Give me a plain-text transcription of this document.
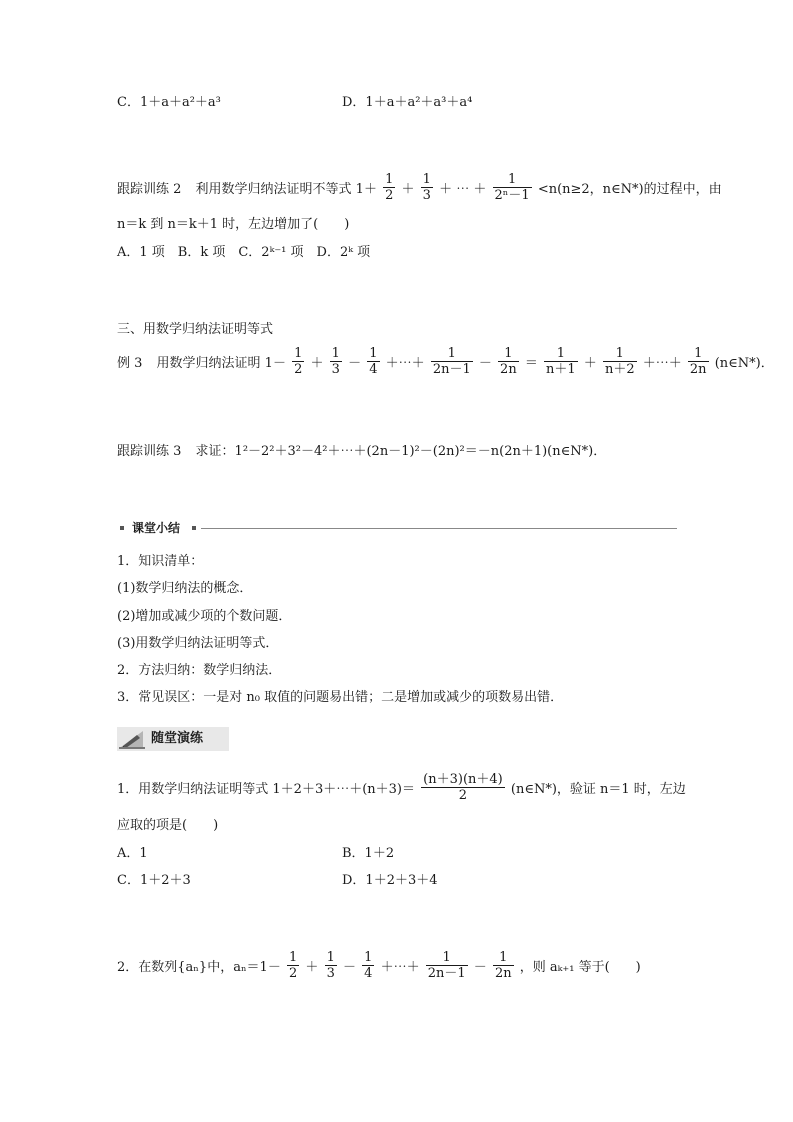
C．1＋a＋a²＋a³	D．1＋a＋a²＋a³＋a⁴
跟踪训练 2 利用数学归纳法证明不等式 $1+ \frac{1}{2} + \frac{1}{3}$ ＋ ⋯ ＋ $\frac{1}{\text{2ⁿ－1}} <n(n\ge 2$，n∈N*)的过程中，由
n＝k 到 n＝k＋1 时，左边增加了(　　)
A．1 项　B．k 项　C．2ᵏ⁻¹ 项　D．2ᵏ 项
三、用数学归纳法证明等式
例 3 用数学归纳法证明 $1- \frac{1}{2} + \frac{1}{3} - \frac{1}{4}$ ＋⋯＋ $\frac{1}{2n-1} - \frac{1}{2n} = \frac{1}{n+1} + \frac{1}{n+2}$ ＋⋯＋ $\frac{1}{2n}$ (n∈N*)．
跟踪训练 3 求证：1²－2²＋3²－4²＋⋯＋(2n－1)²－(2n)²＝－n(2n＋1)(n∈N*)．
课堂小结
1．知识清单：
(1)数学归纳法的概念．
(2)增加或减少项的个数问题．
(3)用数学归纳法证明等式．
2．方法归纳：数学归纳法．
3．常见误区：一是对 n₀ 取值的问题易出错；二是增加或减少的项数易出错．
随堂演练
1．用数学归纳法证明等式 1＋2＋3＋⋯＋(n＋3)＝ $\frac{(n+3)(n+4)}{2}$ (n∈N*)，验证 n＝1 时，左边
应取的项是(　　)
A．1	B．1＋2
C．1＋2＋3	D．1＋2＋3＋4
2．在数列{aₙ}中，$a_n=1- \frac{1}{2} + \frac{1}{3} - \frac{1}{4}$ ＋⋯＋ $\frac{1}{2n-1} - \frac{1}{2n}$ ，则 aₖ₊₁ 等于(　　)
